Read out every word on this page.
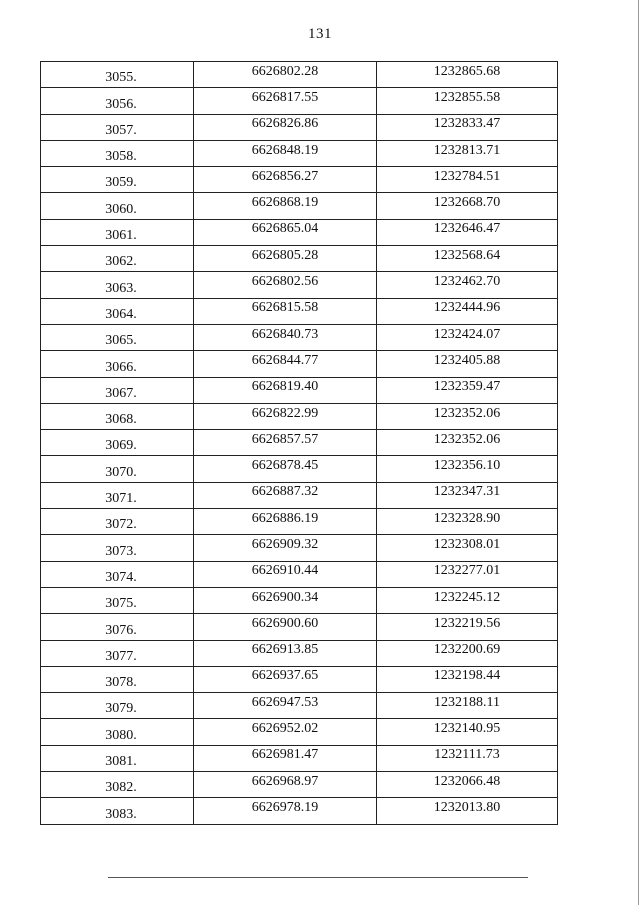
131
3055.	6626802.28	1232865.68
3056.	6626817.55	1232855.58
3057.	6626826.86	1232833.47
3058.	6626848.19	1232813.71
3059.	6626856.27	1232784.51
3060.	6626868.19	1232668.70
3061.	6626865.04	1232646.47
3062.	6626805.28	1232568.64
3063.	6626802.56	1232462.70
3064.	6626815.58	1232444.96
3065.	6626840.73	1232424.07
3066.	6626844.77	1232405.88
3067.	6626819.40	1232359.47
3068.	6626822.99	1232352.06
3069.	6626857.57	1232352.06
3070.	6626878.45	1232356.10
3071.	6626887.32	1232347.31
3072.	6626886.19	1232328.90
3073.	6626909.32	1232308.01
3074.	6626910.44	1232277.01
3075.	6626900.34	1232245.12
3076.	6626900.60	1232219.56
3077.	6626913.85	1232200.69
3078.	6626937.65	1232198.44
3079.	6626947.53	1232188.11
3080.	6626952.02	1232140.95
3081.	6626981.47	1232111.73
3082.	6626968.97	1232066.48
3083.	6626978.19	1232013.80
